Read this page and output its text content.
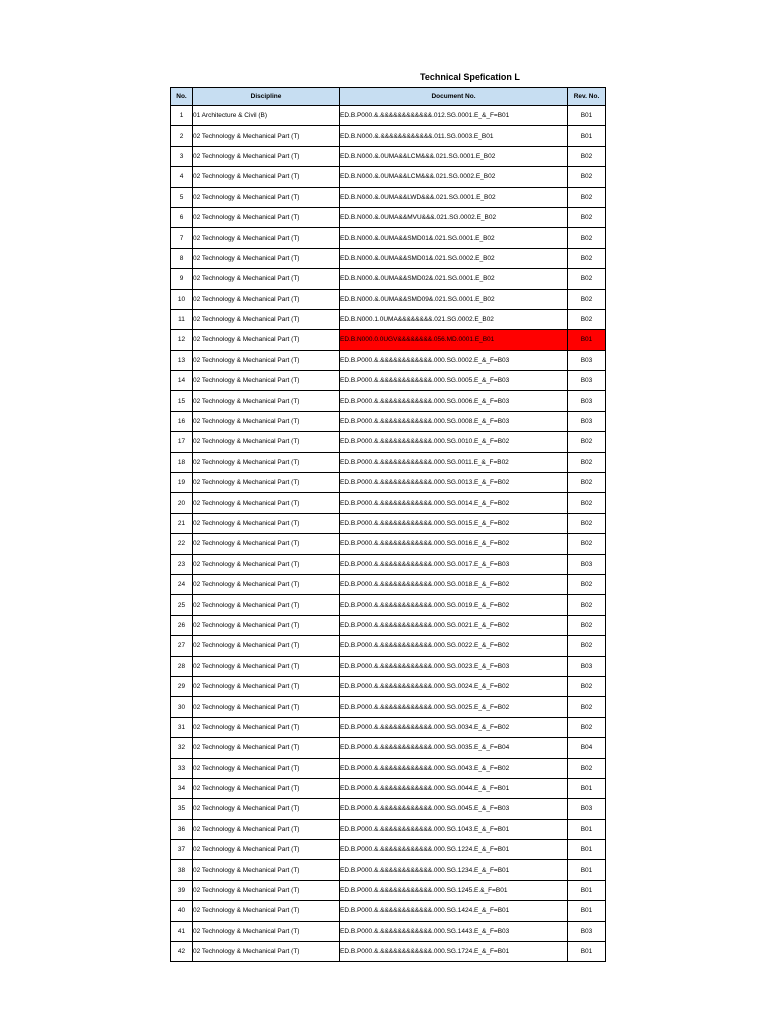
Technical Spefication L
No.	Discipline	Document No.	Rev. No.
1	01 Architecture & Civil (B)	ED.B.P000.&.&&&&&&&&&&&&.012.SG.0001.E_&_F=B01	B01
2	02 Technology & Mechanical Part (T)	ED.B.N000.&.&&&&&&&&&&&&.011.SG.0003.E_B01	B01
3	02 Technology & Mechanical Part (T)	ED.B.N000.&.0UMA&&LCM&&&.021.SG.0001.E_B02	B02
4	02 Technology & Mechanical Part (T)	ED.B.N000.&.0UMA&&LCM&&&.021.SG.0002.E_B02	B02
5	02 Technology & Mechanical Part (T)	ED.B.N000.&.0UMA&&LWD&&&.021.SG.0001.E_B02	B02
6	02 Technology & Mechanical Part (T)	ED.B.N000.&.0UMA&&MVU&&&.021.SG.0002.E_B02	B02
7	02 Technology & Mechanical Part (T)	ED.B.N000.&.0UMA&&SMD01&.021.SG.0001.E_B02	B02
8	02 Technology & Mechanical Part (T)	ED.B.N000.&.0UMA&&SMD01&.021.SG.0002.E_B02	B02
9	02 Technology & Mechanical Part (T)	ED.B.N000.&.0UMA&&SMD02&.021.SG.0001.E_B02	B02
10	02 Technology & Mechanical Part (T)	ED.B.N000.&.0UMA&&SMD09&.021.SG.0001.E_B02	B02
11	02 Technology & Mechanical Part (T)	ED.B.N000.1.0UMA&&&&&&&&.021.SG.0002.E_B02	B02
12	02 Technology & Mechanical Part (T)	ED.B.N000.0.0UGV&&&&&&&&.056.MD.0001.E_B01	B01
13	02 Technology & Mechanical Part (T)	ED.B.P000.&.&&&&&&&&&&&&.000.SG.0002.E_&_F=B03	B03
14	02 Technology & Mechanical Part (T)	ED.B.P000.&.&&&&&&&&&&&&.000.SG.0005.E_&_F=B03	B03
15	02 Technology & Mechanical Part (T)	ED.B.P000.&.&&&&&&&&&&&&.000.SG.0006.E_&_F=B03	B03
16	02 Technology & Mechanical Part (T)	ED.B.P000.&.&&&&&&&&&&&&.000.SG.0008.E_&_F=B03	B03
17	02 Technology & Mechanical Part (T)	ED.B.P000.&.&&&&&&&&&&&&.000.SG.0010.E_&_F=B02	B02
18	02 Technology & Mechanical Part (T)	ED.B.P000.&.&&&&&&&&&&&&.000.SG.0011.E_&_F=B02	B02
19	02 Technology & Mechanical Part (T)	ED.B.P000.&.&&&&&&&&&&&&.000.SG.0013.E_&_F=B02	B02
20	02 Technology & Mechanical Part (T)	ED.B.P000.&.&&&&&&&&&&&&.000.SG.0014.E_&_F=B02	B02
21	02 Technology & Mechanical Part (T)	ED.B.P000.&.&&&&&&&&&&&&.000.SG.0015.E_&_F=B02	B02
22	02 Technology & Mechanical Part (T)	ED.B.P000.&.&&&&&&&&&&&&.000.SG.0016.E_&_F=B02	B02
23	02 Technology & Mechanical Part (T)	ED.B.P000.&.&&&&&&&&&&&&.000.SG.0017.E_&_F=B03	B03
24	02 Technology & Mechanical Part (T)	ED.B.P000.&.&&&&&&&&&&&&.000.SG.0018.E_&_F=B02	B02
25	02 Technology & Mechanical Part (T)	ED.B.P000.&.&&&&&&&&&&&&.000.SG.0019.E_&_F=B02	B02
26	02 Technology & Mechanical Part (T)	ED.B.P000.&.&&&&&&&&&&&&.000.SG.0021.E_&_F=B02	B02
27	02 Technology & Mechanical Part (T)	ED.B.P000.&.&&&&&&&&&&&&.000.SG.0022.E_&_F=B02	B02
28	02 Technology & Mechanical Part (T)	ED.B.P000.&.&&&&&&&&&&&&.000.SG.0023.E_&_F=B03	B03
29	02 Technology & Mechanical Part (T)	ED.B.P000.&.&&&&&&&&&&&&.000.SG.0024.E_&_F=B02	B02
30	02 Technology & Mechanical Part (T)	ED.B.P000.&.&&&&&&&&&&&&.000.SG.0025.E_&_F=B02	B02
31	02 Technology & Mechanical Part (T)	ED.B.P000.&.&&&&&&&&&&&&.000.SG.0034.E_&_F=B02	B02
32	02 Technology & Mechanical Part (T)	ED.B.P000.&.&&&&&&&&&&&&.000.SG.0035.E_&_F=B04	B04
33	02 Technology & Mechanical Part (T)	ED.B.P000.&.&&&&&&&&&&&&.000.SG.0043.E_&_F=B02	B02
34	02 Technology & Mechanical Part (T)	ED.B.P000.&.&&&&&&&&&&&&.000.SG.0044.E_&_F=B01	B01
35	02 Technology & Mechanical Part (T)	ED.B.P000.&.&&&&&&&&&&&&.000.SG.0045.E_&_F=B03	B03
36	02 Technology & Mechanical Part (T)	ED.B.P000.&.&&&&&&&&&&&&.000.SG.1043.E_&_F=B01	B01
37	02 Technology & Mechanical Part (T)	ED.B.P000.&.&&&&&&&&&&&&.000.SG.1224.E_&_F=B01	B01
38	02 Technology & Mechanical Part (T)	ED.B.P000.&.&&&&&&&&&&&&.000.SG.1234.E_&_F=B01	B01
39	02 Technology & Mechanical Part (T)	ED.B.P000.&.&&&&&&&&&&&&.000.SG.1245.E.&_F=B01	B01
40	02 Technology & Mechanical Part (T)	ED.B.P000.&.&&&&&&&&&&&&.000.SG.1424.E_&_F=B01	B01
41	02 Technology & Mechanical Part (T)	ED.B.P000.&.&&&&&&&&&&&&.000.SG.1443.E_&_F=B03	B03
42	02 Technology & Mechanical Part (T)	ED.B.P000.&.&&&&&&&&&&&&.000.SG.1724.E_&_F=B01	B01
